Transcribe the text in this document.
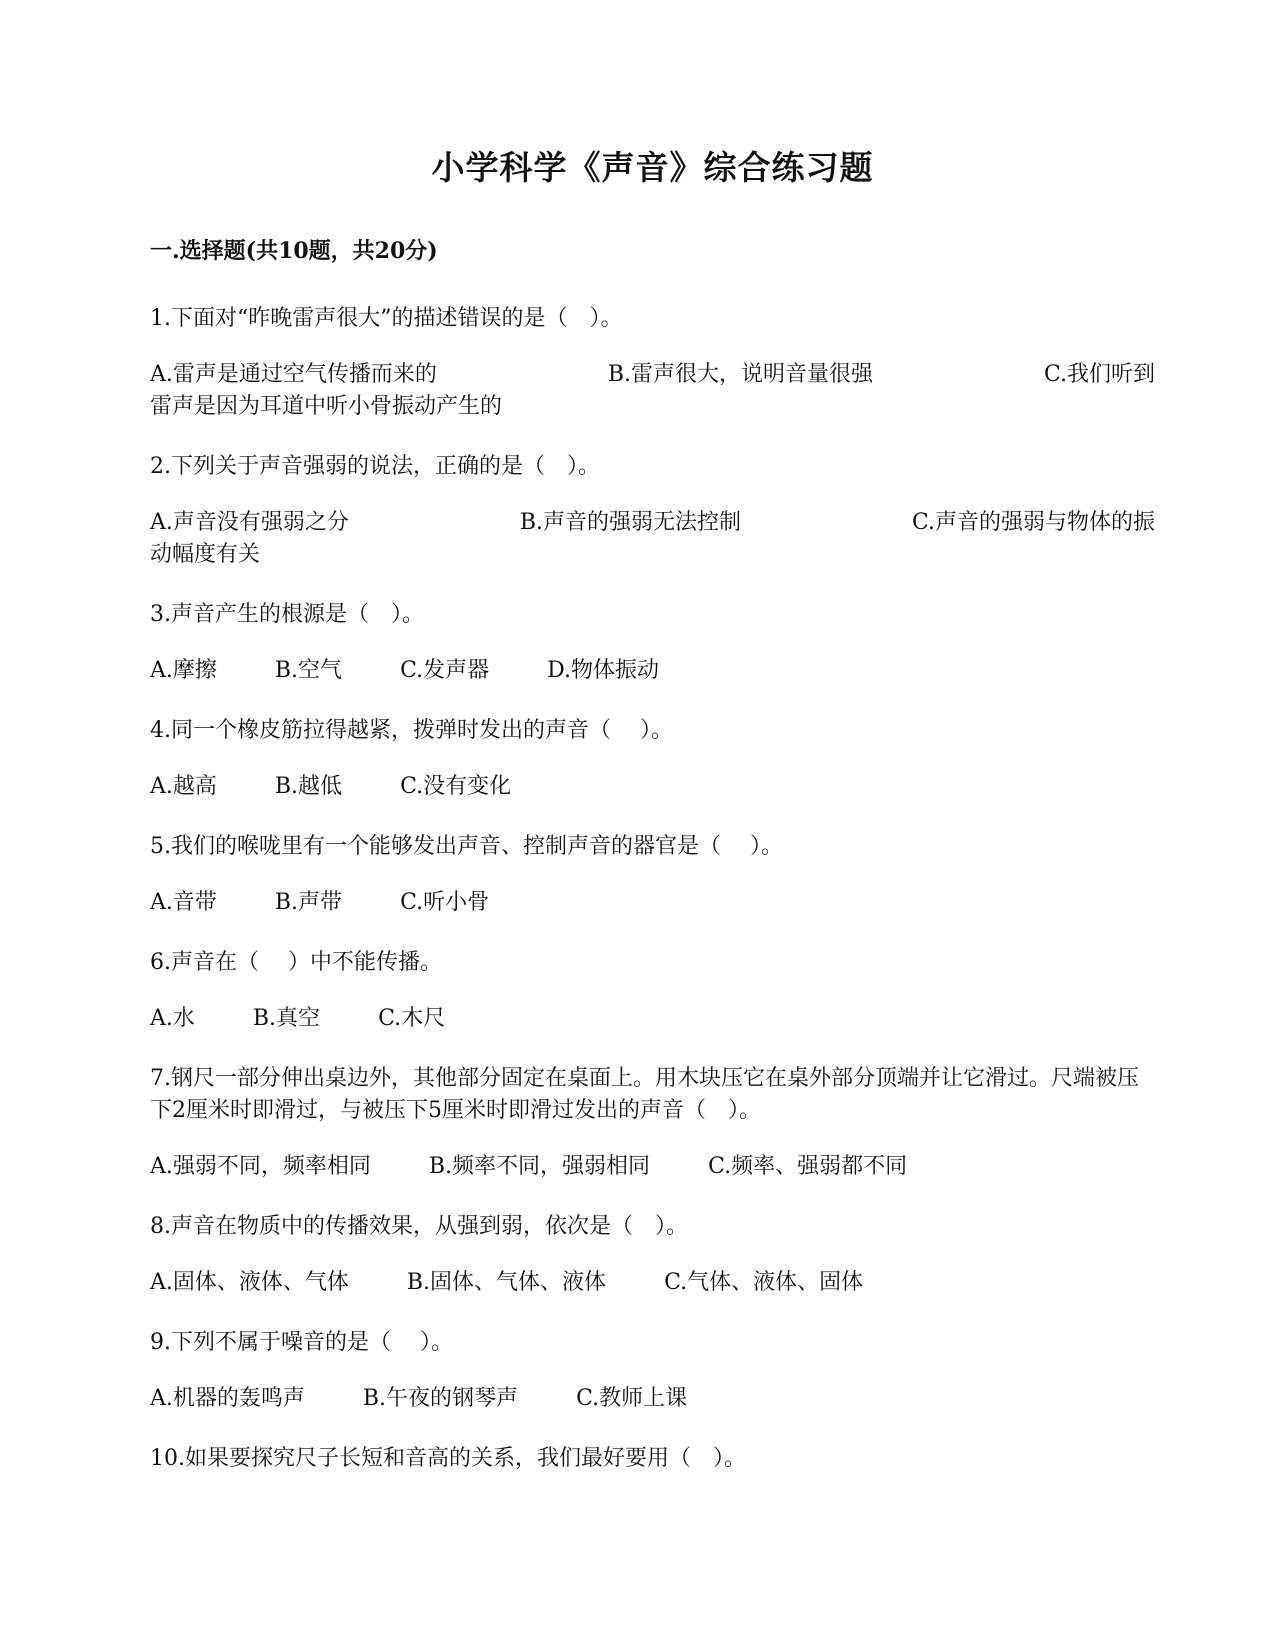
小学科学《声音》综合练习题
一.选择题(共10题，共20分)

1.下面对“昨晚雷声很大”的描述错误的是（　）。

A.雷声是通过空气传播而来的	B.雷声很大，说明音量很强	C.我们听到
雷声是因为耳道中听小骨振动产生的

2.下列关于声音强弱的说法，正确的是（　）。

A.声音没有强弱之分	B.声音的强弱无法控制	C.声音的强弱与物体的振
动幅度有关

3.声音产生的根源是（　）。

A.摩擦	B.空气	C.发声器	D.物体振动

4.同一个橡皮筋拉得越紧，拨弹时发出的声音（　 ）。

A.越高	B.越低	C.没有变化

5.我们的喉咙里有一个能够发出声音、控制声音的器官是（　 ）。

A.音带	B.声带	C.听小骨

6.声音在（　 ）中不能传播。

A.水	B.真空	C.木尺

7.钢尺一部分伸出桌边外，其他部分固定在桌面上。用木块压它在桌外部分顶端并让它滑过。尺端被压下2厘米时即滑过，与被压下5厘米时即滑过发出的声音（　）。

A.强弱不同，频率相同	B.频率不同，强弱相同	C.频率、强弱都不同

8.声音在物质中的传播效果，从强到弱，依次是（　）。

A.固体、液体、气体	B.固体、气体、液体	C.气体、液体、固体

9.下列不属于噪音的是（　 ）。

A.机器的轰鸣声	B.午夜的钢琴声	C.教师上课

10.如果要探究尺子长短和音高的关系，我们最好要用（　）。
